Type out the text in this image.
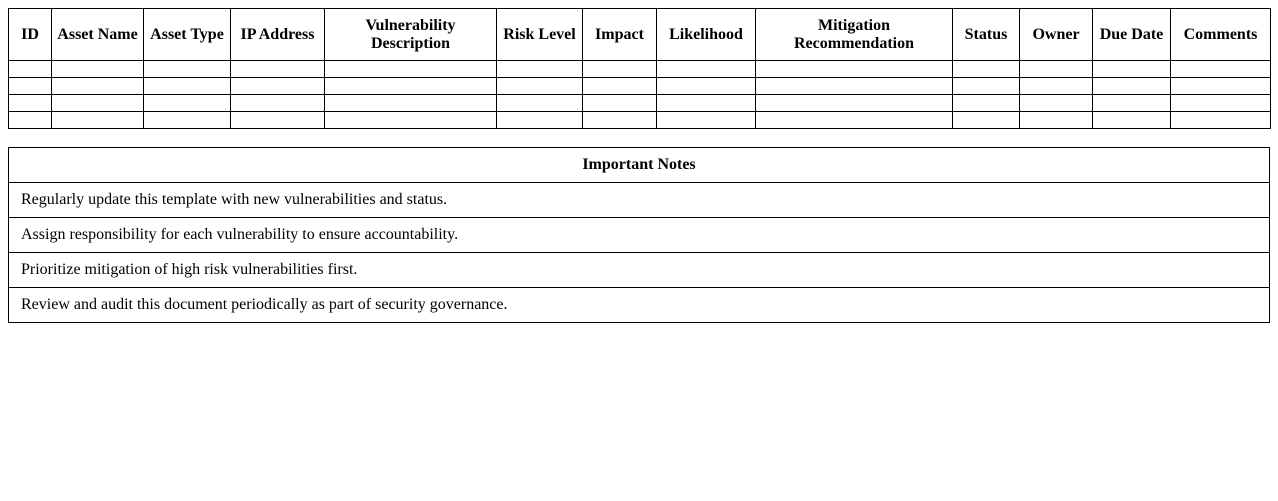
ID	Asset Name	Asset Type	IP Address	Vulnerability Description	Risk Level	Impact	Likelihood	Mitigation Recommendation	Status	Owner	Due Date	Comments

Important Notes
Regularly update this template with new vulnerabilities and status.
Assign responsibility for each vulnerability to ensure accountability.
Prioritize mitigation of high risk vulnerabilities first.
Review and audit this document periodically as part of security governance.
